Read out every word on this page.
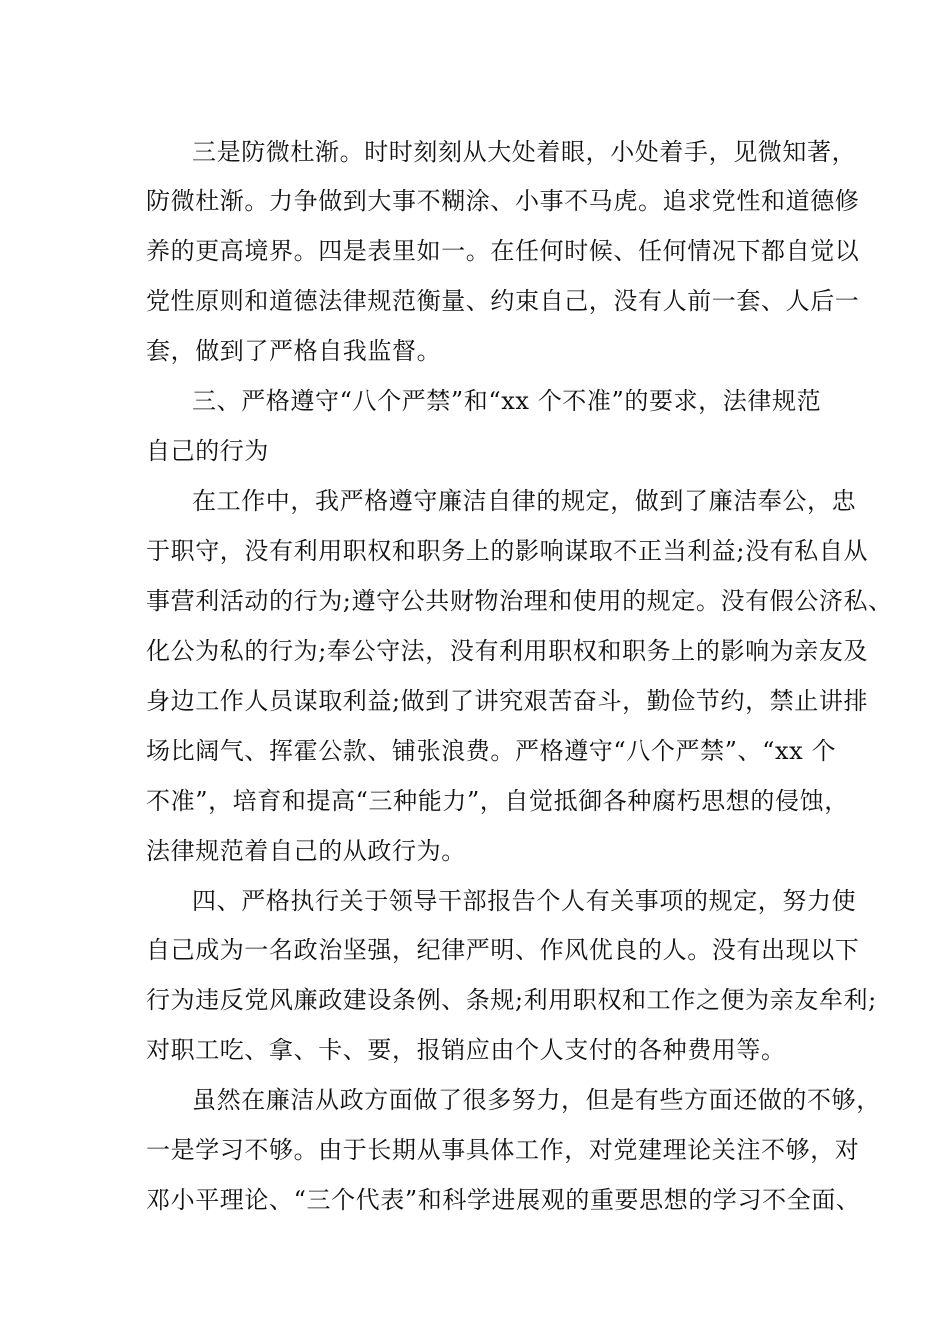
三是防微杜渐。时时刻刻从大处着眼，小处着手，见微知著，
防微杜渐。力争做到大事不糊涂、小事不马虎。追求党性和道德修
养的更高境界。四是表里如一。在任何时候、任何情况下都自觉以
党性原则和道德法律规范衡量、约束自己，没有人前一套、人后一
套，做到了严格自我监督。
三、严格遵守“八个严禁”和“xx 个不准”的要求，法律规范
自己的行为
在工作中，我严格遵守廉洁自律的规定，做到了廉洁奉公，忠
于职守，没有利用职权和职务上的影响谋取不正当利益;没有私自从
事营利活动的行为;遵守公共财物治理和使用的规定。没有假公济私、
化公为私的行为;奉公守法，没有利用职权和职务上的影响为亲友及
身边工作人员谋取利益;做到了讲究艰苦奋斗，勤俭节约，禁止讲排
场比阔气、挥霍公款、铺张浪费。严格遵守“八个严禁”、“xx 个
不准”，培育和提高“三种能力”，自觉抵御各种腐朽思想的侵蚀，
法律规范着自己的从政行为。
四、严格执行关于领导干部报告个人有关事项的规定，努力使
自己成为一名政治坚强，纪律严明、作风优良的人。没有出现以下
行为违反党风廉政建设条例、条规;利用职权和工作之便为亲友牟利;
对职工吃、拿、卡、要，报销应由个人支付的各种费用等。
虽然在廉洁从政方面做了很多努力，但是有些方面还做的不够，
一是学习不够。由于长期从事具体工作，对党建理论关注不够，对
邓小平理论、“三个代表”和科学进展观的重要思想的学习不全面、
